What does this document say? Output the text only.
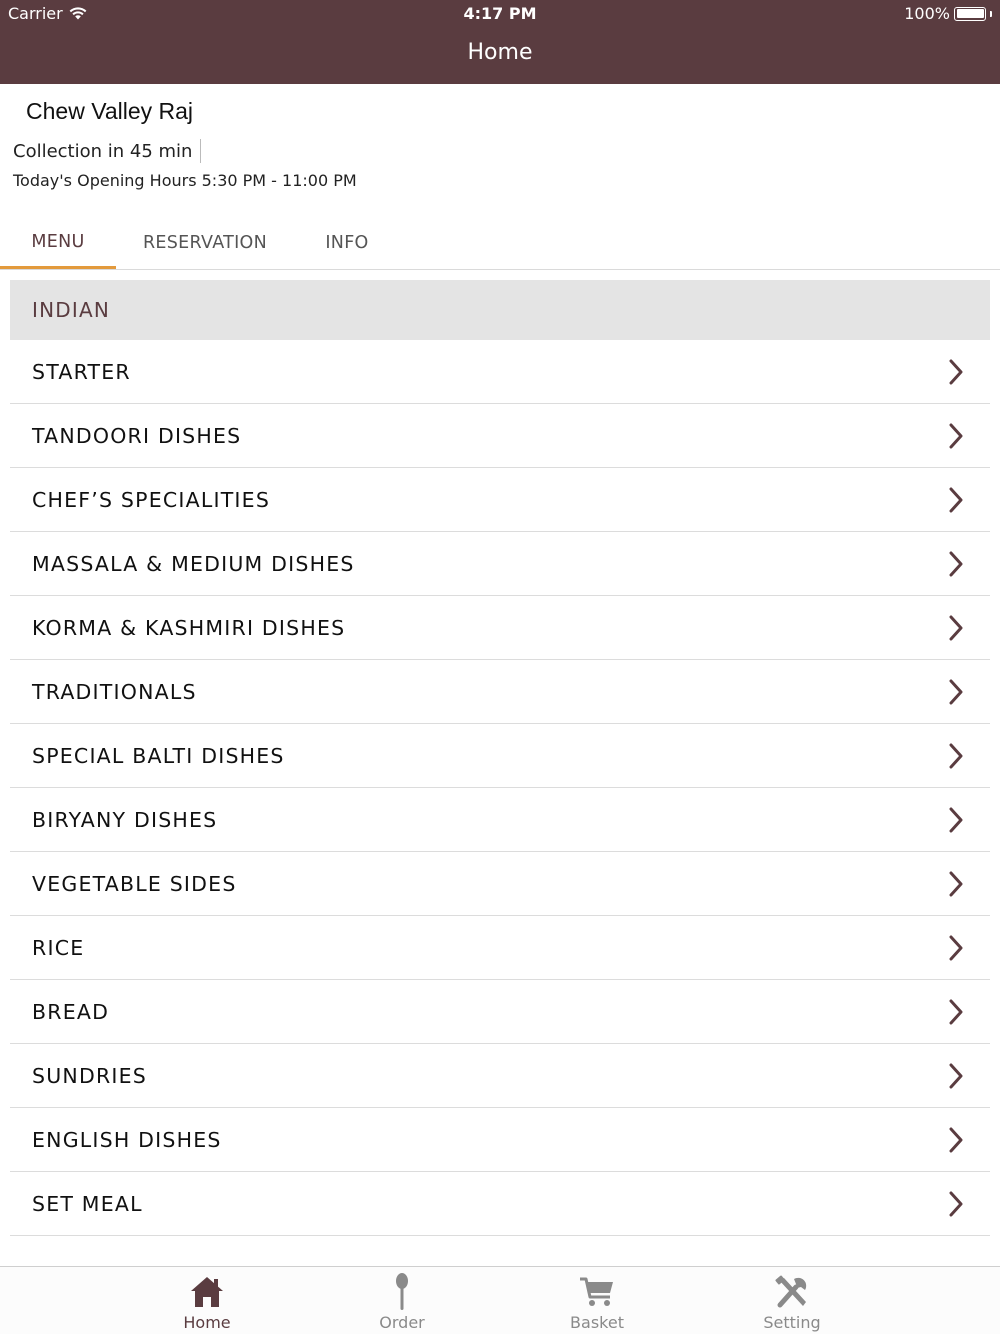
Carrier	4:17 PM	100%
Home
Chew Valley Raj
Collection in 45 min
Today's Opening Hours 5:30 PM - 11:00 PM
MENU	RESERVATION	INFO
INDIAN
STARTER
TANDOORI DISHES
CHEF’S SPECIALITIES
MASSALA & MEDIUM DISHES
KORMA & KASHMIRI DISHES
TRADITIONALS
SPECIAL BALTI DISHES
BIRYANY DISHES
VEGETABLE SIDES
RICE
BREAD
SUNDRIES
ENGLISH DISHES
SET MEAL
Home	Order	Basket	Setting
